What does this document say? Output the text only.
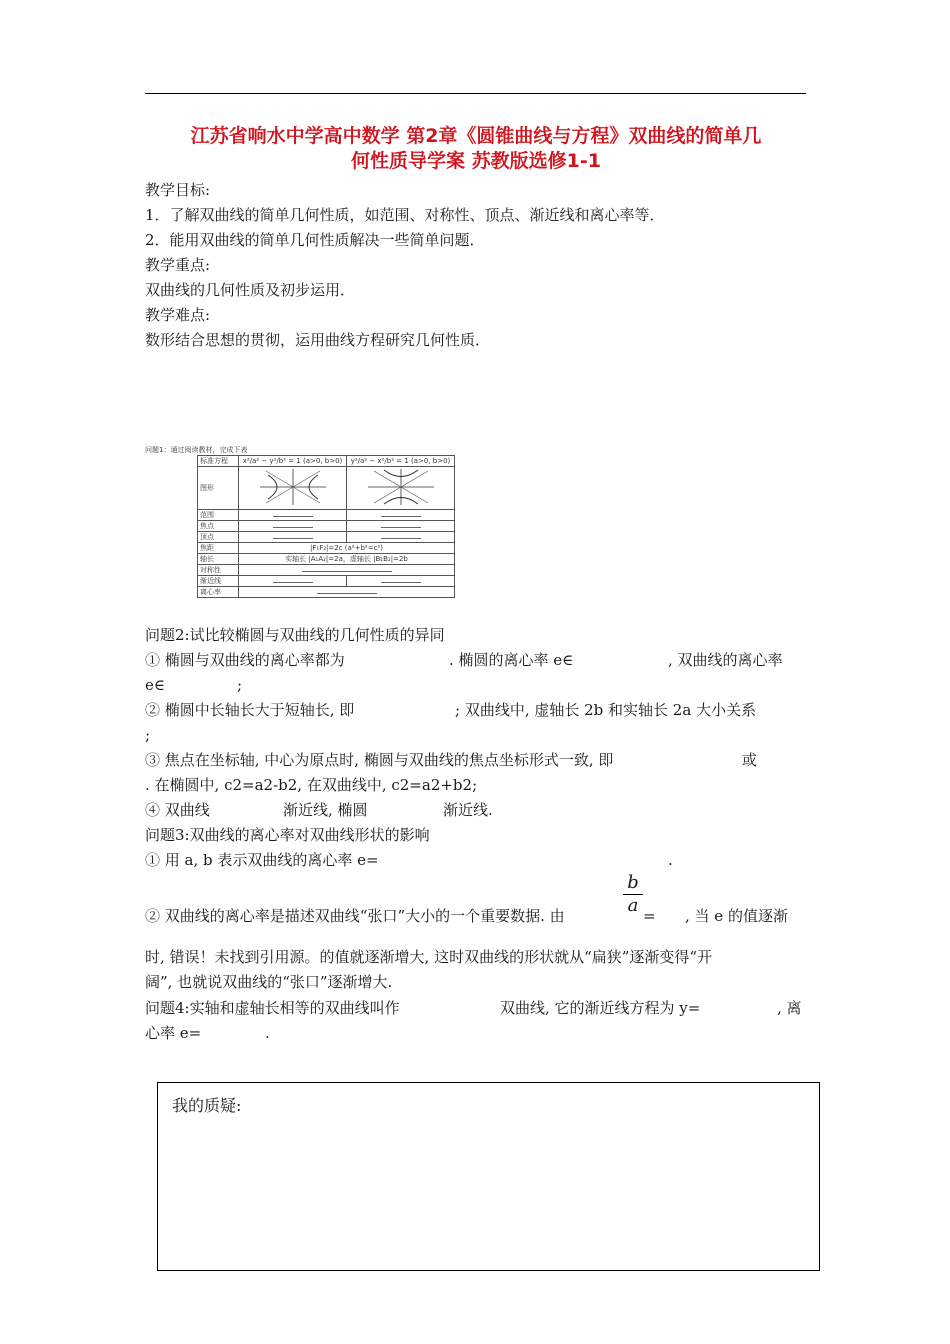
江苏省响水中学高中数学 第2章《圆锥曲线与方程》双曲线的简单几
何性质导学案 苏教版选修1-1
教学目标:
1．了解双曲线的简单几何性质，如范围、对称性、顶点、渐近线和离心率等．
2．能用双曲线的简单几何性质解决一些简单问题．
教学重点:
双曲线的几何性质及初步运用．
教学难点:
数形结合思想的贯彻，运用曲线方程研究几何性质．
问题1：通过阅读教材，完成下表
标准方程	x²/a² − y²/b² = 1 (a>0, b>0)	y²/a² − x²/b² = 1 (a>0, b>0)
图形		
范围		
焦点		
顶点		
焦距	|F₁F₂|=2c (a²+b²=c²)	
轴长	实轴长 |A₁A₂|=2a，虚轴长 |B₁B₂|=2b	
对称性		
渐近线		
离心率		
问题2:试比较椭圆与双曲线的几何性质的异同
① 椭圆与双曲线的离心率都为	. 椭圆的离心率 e∈	, 双曲线的离心率
e∈	;
② 椭圆中长轴长大于短轴长, 即	; 双曲线中, 虚轴长 2b 和实轴长 2a 大小关系
;
③ 焦点在坐标轴, 中心为原点时, 椭圆与双曲线的焦点坐标形式一致, 即	或
. 在椭圆中, c2=a2-b2, 在双曲线中, c2=a2+b2;
④ 双曲线	渐近线, 椭圆	渐近线.
问题3:双曲线的离心率对双曲线形状的影响
① 用 a, b 表示双曲线的离心率 e=	.
b
a
② 双曲线的离心率是描述双曲线“张口”大小的一个重要数据. 由	= , 当 e 的值逐渐
时, 错误！未找到引用源。的值就逐渐增大, 这时双曲线的形状就从“扁狭”逐渐变得“开
阔”, 也就说双曲线的“张口”逐渐增大.
问题4:实轴和虚轴长相等的双曲线叫作	双曲线, 它的渐近线方程为 y=	, 离
心率 e=	.
我的质疑:
